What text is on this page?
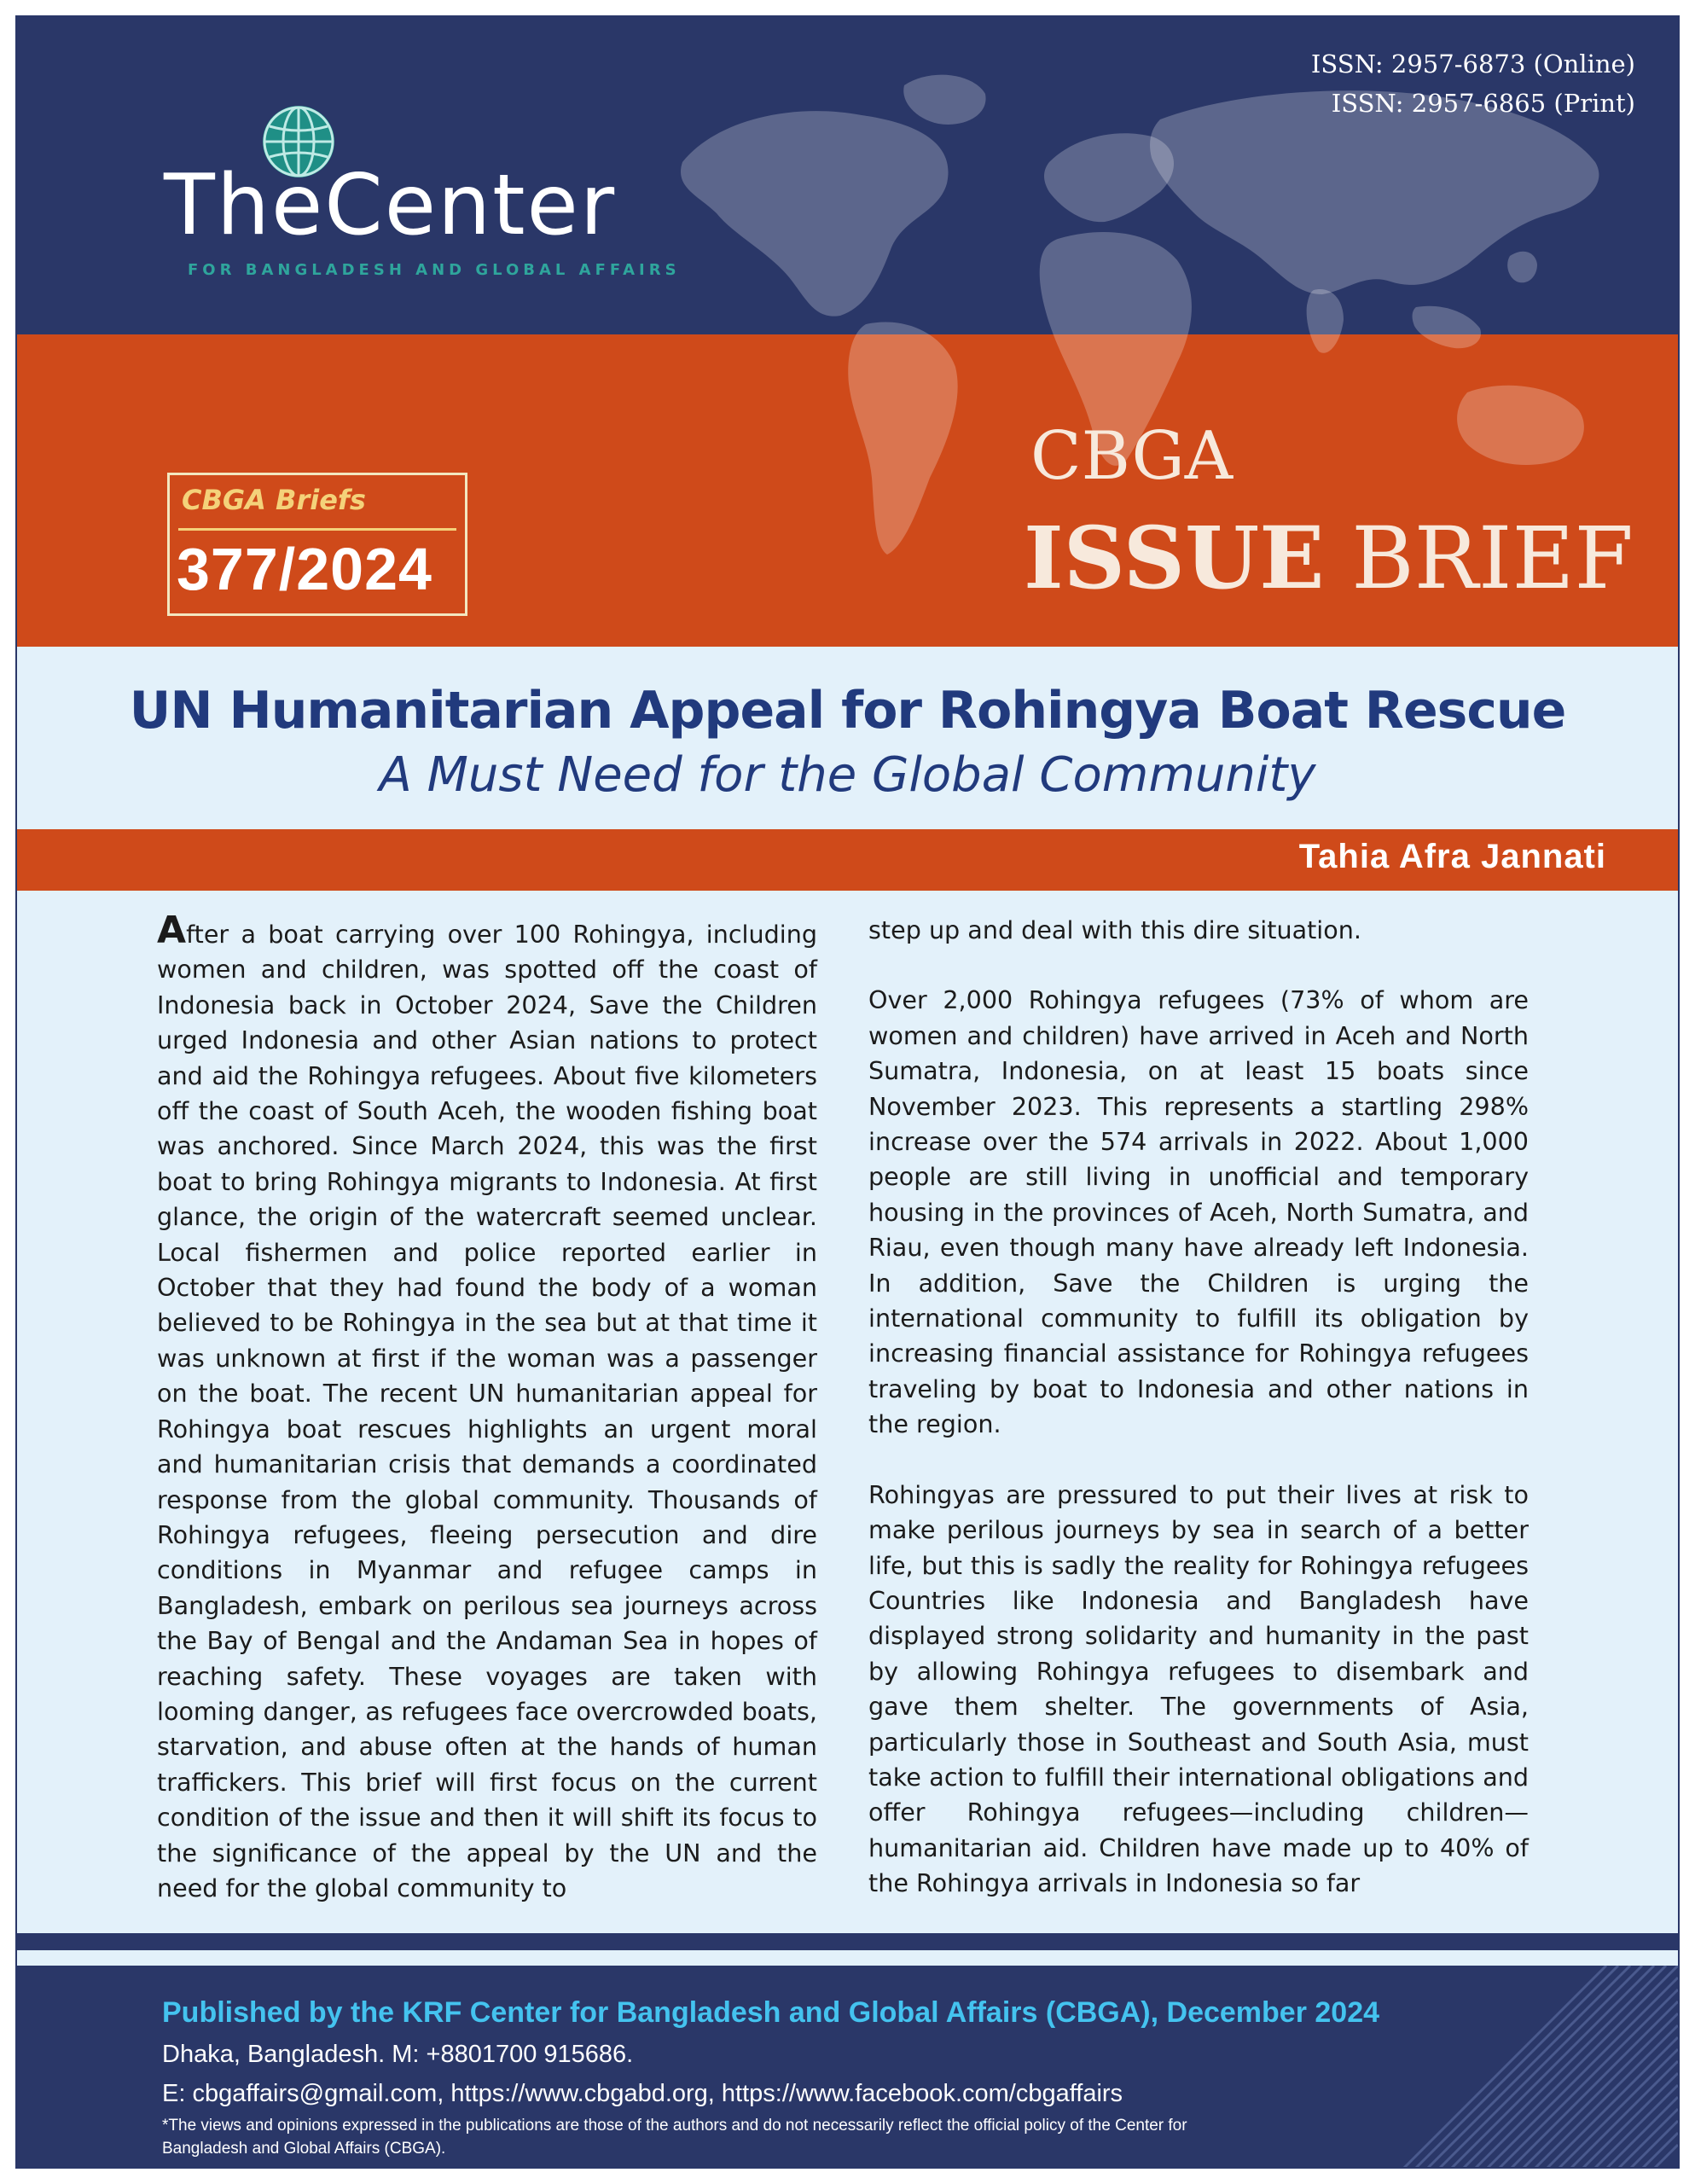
ISSN: 2957-6873 (Online)
ISSN: 2957-6865 (Print)
TheCenter
FOR BANGLADESH AND GLOBAL AFFAIRS
CBGA Briefs
377/2024
CBGA
ISSUE BRIEF
UN Humanitarian Appeal for Rohingya Boat Rescue
A Must Need for the Global Community
Tahia Afra Jannati

After a boat carrying over 100 Rohingya, including women and children, was spotted off the coast of Indonesia back in October 2024, Save the Children urged Indonesia and other Asian nations to protect and aid the Rohingya refugees. About five kilometers off the coast of South Aceh, the wooden fishing boat was anchored. Since March 2024, this was the first boat to bring Rohingya migrants to Indonesia. At first glance, the origin of the watercraft seemed unclear. Local fishermen and police reported earlier in October that they had found the body of a woman believed to be Rohingya in the sea but at that time it was unknown at first if the woman was a passenger on the boat. The recent UN humanitarian appeal for Rohingya boat rescues highlights an urgent moral and humanitarian crisis that demands a coordinated response from the global community. Thousands of Rohingya refugees, fleeing persecution and dire conditions in Myanmar and refugee camps in Bangladesh, embark on perilous sea journeys across the Bay of Bengal and the Andaman Sea in hopes of reaching safety. These voyages are taken with looming danger, as refugees face overcrowded boats, starvation, and abuse often at the hands of human traffickers. This brief will first focus on the current condition of the issue and then it will shift its focus to the significance of the appeal by the UN and the need for the global community to

step up and deal with this dire situation.

Over 2,000 Rohingya refugees (73% of whom are women and children) have arrived in Aceh and North Sumatra, Indonesia, on at least 15 boats since November 2023. This represents a startling 298% increase over the 574 arrivals in 2022. About 1,000 people are still living in unofficial and temporary housing in the provinces of Aceh, North Sumatra, and Riau, even though many have already left Indonesia. In addition, Save the Children is urging the international community to fulfill its obligation by increasing financial assistance for Rohingya refugees traveling by boat to Indonesia and other nations in the region.

Rohingyas are pressured to put their lives at risk to make perilous journeys by sea in search of a better life, but this is sadly the reality for Rohingya refugees Countries like Indonesia and Bangladesh have displayed strong solidarity and humanity in the past by allowing Rohingya refugees to disembark and gave them shelter. The governments of Asia, particularly those in Southeast and South Asia, must take action to fulfill their international obligations and offer Rohingya refugees—including children—humanitarian aid. Children have made up to 40% of the Rohingya arrivals in Indonesia so far

Published by the KRF Center for Bangladesh and Global Affairs (CBGA), December 2024
Dhaka, Bangladesh. M: +8801700 915686.
E: cbgaffairs@gmail.com, https://www.cbgabd.org, https://www.facebook.com/cbgaffairs
*The views and opinions expressed in the publications are those of the authors and do not necessarily reflect the official policy of the Center for Bangladesh and Global Affairs (CBGA).
